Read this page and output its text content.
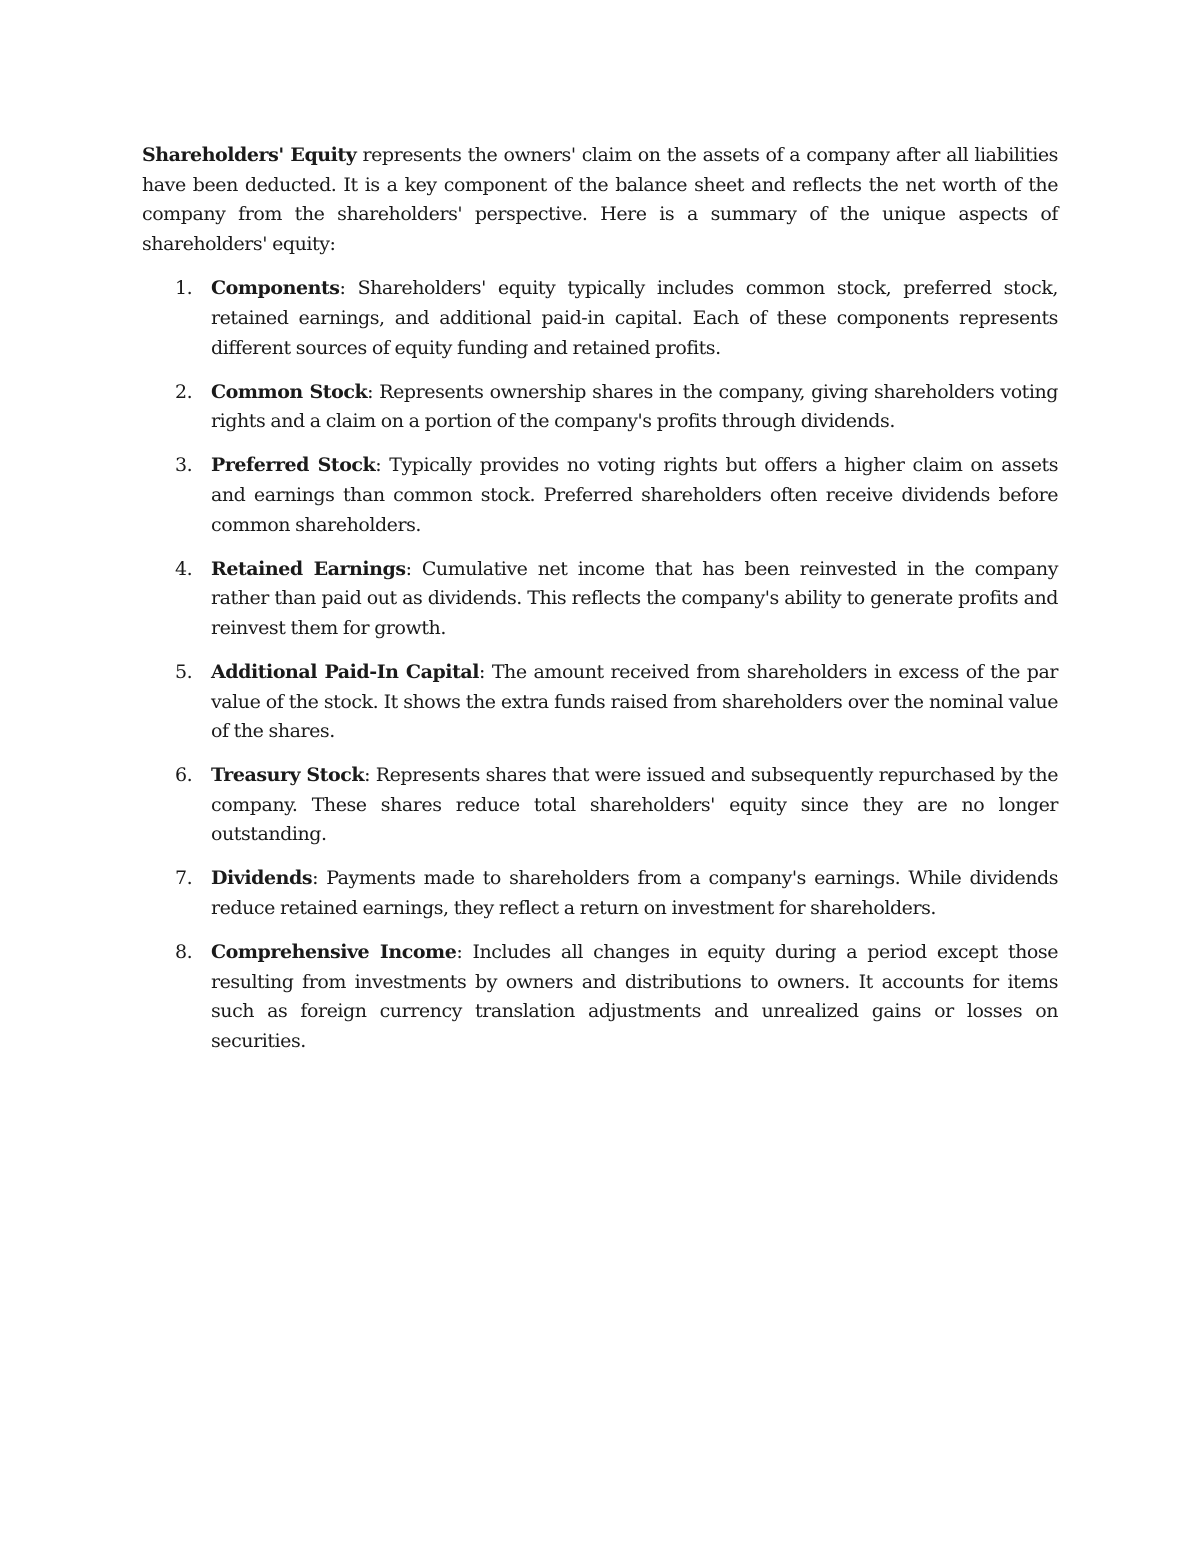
Shareholders' Equity represents the owners' claim on the assets of a company after all liabilities have been deducted. It is a key component of the balance sheet and reflects the net worth of the company from the shareholders' perspective. Here is a summary of the unique aspects of shareholders' equity:

1. Components: Shareholders' equity typically includes common stock, preferred stock, retained earnings, and additional paid-in capital. Each of these components represents different sources of equity funding and retained profits.
2. Common Stock: Represents ownership shares in the company, giving shareholders voting rights and a claim on a portion of the company's profits through dividends.
3. Preferred Stock: Typically provides no voting rights but offers a higher claim on assets and earnings than common stock. Preferred shareholders often receive dividends before common shareholders.
4. Retained Earnings: Cumulative net income that has been reinvested in the company rather than paid out as dividends. This reflects the company's ability to generate profits and reinvest them for growth.
5. Additional Paid-In Capital: The amount received from shareholders in excess of the par value of the stock. It shows the extra funds raised from shareholders over the nominal value of the shares.
6. Treasury Stock: Represents shares that were issued and subsequently repurchased by the company. These shares reduce total shareholders' equity since they are no longer outstanding.
7. Dividends: Payments made to shareholders from a company's earnings. While dividends reduce retained earnings, they reflect a return on investment for shareholders.
8. Comprehensive Income: Includes all changes in equity during a period except those resulting from investments by owners and distributions to owners. It accounts for items such as foreign currency translation adjustments and unrealized gains or losses on securities.
